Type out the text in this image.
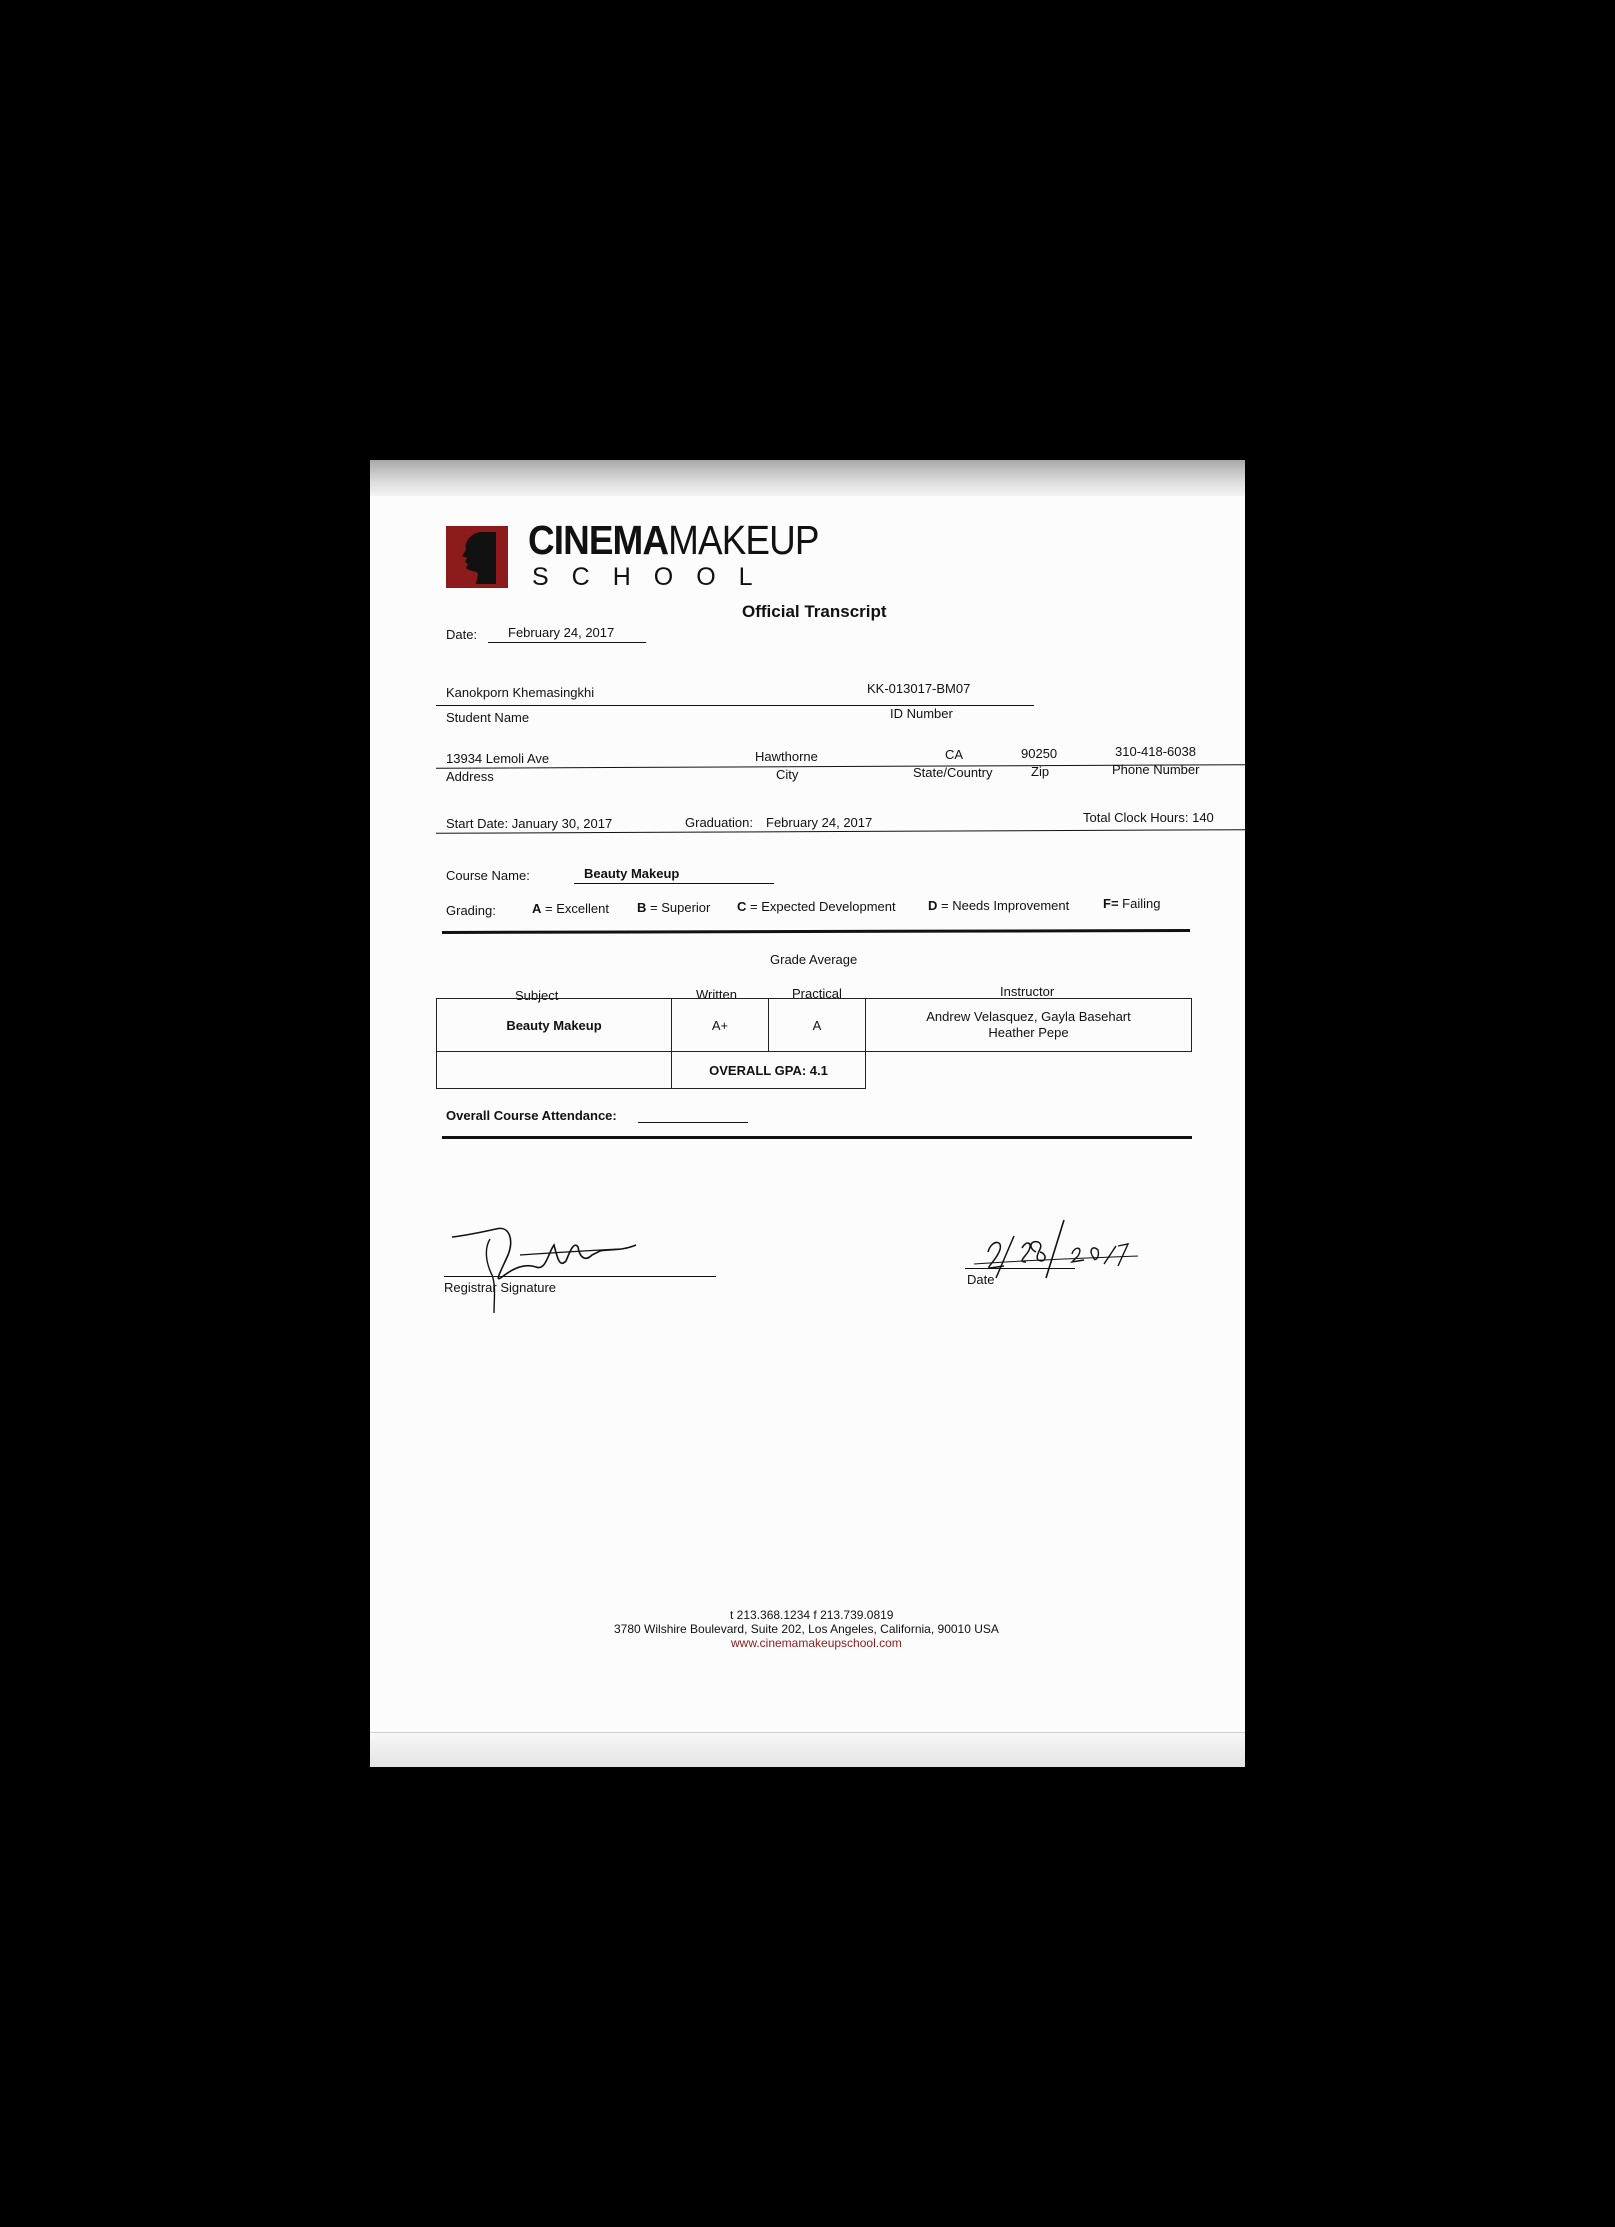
CINEMAMAKEUP
SCHOOL
Official Transcript
Date: February 24, 2017
Kanokporn Khemasingkhi	KK-013017-BM07
Student Name	ID Number
13934 Lemoli Ave	Hawthorne	CA	90250	310-418-6038
Address	City	State/Country	Zip	Phone Number
Start Date: January 30, 2017	Graduation: February 24, 2017	Total Clock Hours: 140
Course Name:	Beauty Makeup
Grading:	A = Excellent B = Superior C = Expected Development D = Needs Improvement	F= Failing
Grade Average
Subject	Written	Practical	Instructor
Beauty Makeup	A+	A	Andrew Velasquez, Gayla Basehart
Heather Pepe

	OVERALL GPA: 4.1		
Overall Course Attendance:
Registrar Signature
Date
t 213.368.1234 f 213.739.0819
3780 Wilshire Boulevard, Suite 202, Los Angeles, California, 90010 USA
www.cinemamakeupschool.com
